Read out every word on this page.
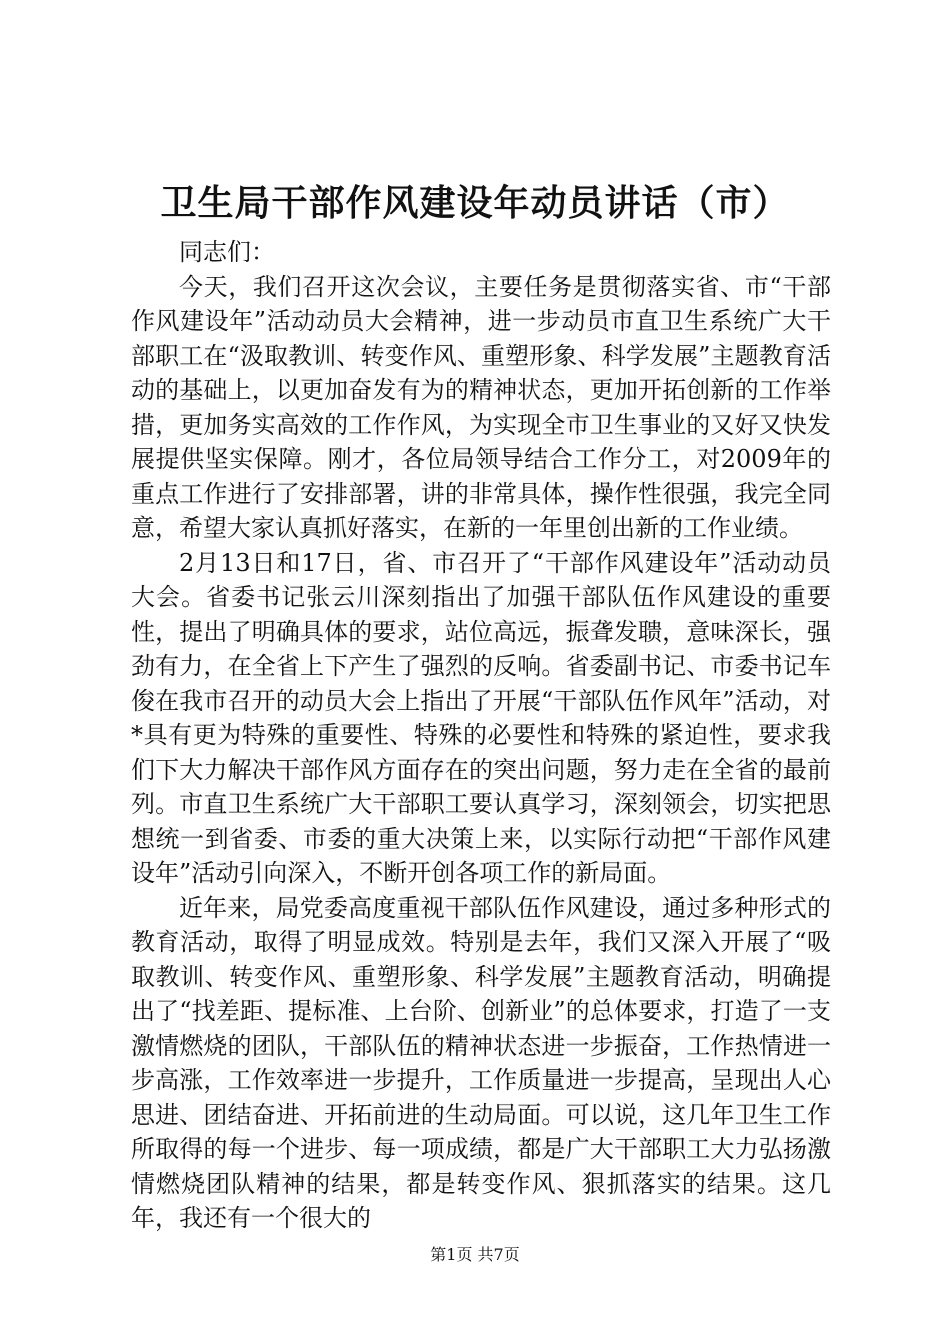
卫生局干部作风建设年动员讲话（市）

同志们：

今天，我们召开这次会议，主要任务是贯彻落实省、市“干部作风建设年”活动动员大会精神，进一步动员市直卫生系统广大干部职工在“汲取教训、转变作风、重塑形象、科学发展”主题教育活动的基础上，以更加奋发有为的精神状态，更加开拓创新的工作举措，更加务实高效的工作作风，为实现全市卫生事业的又好又快发展提供坚实保障。刚才，各位局领导结合工作分工，对2009年的重点工作进行了安排部署，讲的非常具体，操作性很强，我完全同意，希望大家认真抓好落实，在新的一年里创出新的工作业绩。

2月13日和17日，省、市召开了“干部作风建设年”活动动员大会。省委书记张云川深刻指出了加强干部队伍作风建设的重要性，提出了明确具体的要求，站位高远，振聋发聩，意味深长，强劲有力，在全省上下产生了强烈的反响。省委副书记、市委书记车俊在我市召开的动员大会上指出了开展“干部队伍作风年”活动，对*具有更为特殊的重要性、特殊的必要性和特殊的紧迫性，要求我们下大力解决干部作风方面存在的突出问题，努力走在全省的最前列。市直卫生系统广大干部职工要认真学习，深刻领会，切实把思想统一到省委、市委的重大决策上来，以实际行动把“干部作风建设年”活动引向深入，不断开创各项工作的新局面。

近年来，局党委高度重视干部队伍作风建设，通过多种形式的教育活动，取得了明显成效。特别是去年，我们又深入开展了“吸取教训、转变作风、重塑形象、科学发展”主题教育活动，明确提出了“找差距、提标准、上台阶、创新业”的总体要求，打造了一支激情燃烧的团队，干部队伍的精神状态进一步振奋，工作热情进一步高涨，工作效率进一步提升，工作质量进一步提高，呈现出人心思进、团结奋进、开拓前进的生动局面。可以说，这几年卫生工作所取得的每一个进步、每一项成绩，都是广大干部职工大力弘扬激情燃烧团队精神的结果，都是转变作风、狠抓落实的结果。这几年，我还有一个很大的

第1页 共7页
